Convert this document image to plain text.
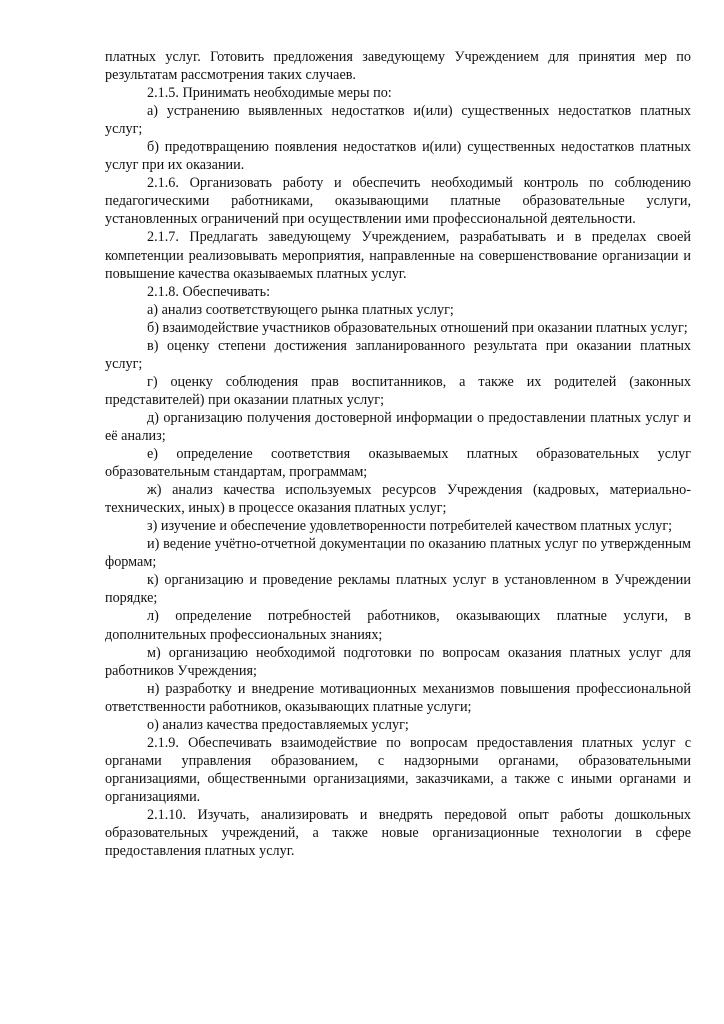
платных услуг. Готовить предложения заведующему Учреждением для принятия мер по результатам рассмотрения таких случаев.

2.1.5. Принимать необходимые меры по:

а) устранению выявленных недостатков и(или) существенных недостатков платных услуг;

б) предотвращению появления недостатков и(или) существенных недостатков платных услуг при их оказании.

2.1.6. Организовать работу и обеспечить необходимый контроль по соблюдению педагогическими работниками, оказывающими платные образовательные услуги, установленных ограничений при осуществлении ими профессиональной деятельности.

2.1.7. Предлагать заведующему Учреждением, разрабатывать и в пределах своей компетенции реализовывать мероприятия, направленные на совершенствование организации и повышение качества оказываемых платных услуг.

2.1.8. Обеспечивать:

а) анализ соответствующего рынка платных услуг;

б) взаимодействие участников образовательных отношений при оказании платных услуг;

в) оценку степени достижения запланированного результата при оказании платных услуг;

г) оценку соблюдения прав воспитанников, а также их родителей (законных представителей) при оказании платных услуг;

д) организацию получения достоверной информации о предоставлении платных услуг и её анализ;

е) определение соответствия оказываемых платных образовательных услуг образовательным стандартам, программам;

ж) анализ качества используемых ресурсов Учреждения (кадровых, материально-технических, иных) в процессе оказания платных услуг;

з) изучение и обеспечение удовлетворенности потребителей качеством платных услуг;

и) ведение учётно-отчетной документации по оказанию платных услуг по утвержденным формам;

к) организацию и проведение рекламы платных услуг в установленном в Учреждении порядке;

л) определение потребностей работников, оказывающих платные услуги, в дополнительных профессиональных знаниях;

м) организацию необходимой подготовки по вопросам оказания платных услуг для работников Учреждения;

н) разработку и внедрение мотивационных механизмов повышения профессиональной ответственности работников, оказывающих платные услуги;

о) анализ качества предоставляемых услуг;

2.1.9. Обеспечивать взаимодействие по вопросам предоставления платных услуг с органами управления образованием, с надзорными органами, образовательными организациями, общественными организациями, заказчиками, а также с иными органами и организациями.

2.1.10. Изучать, анализировать и внедрять передовой опыт работы дошкольных образовательных учреждений, а также новые организационные технологии в сфере предоставления платных услуг.
